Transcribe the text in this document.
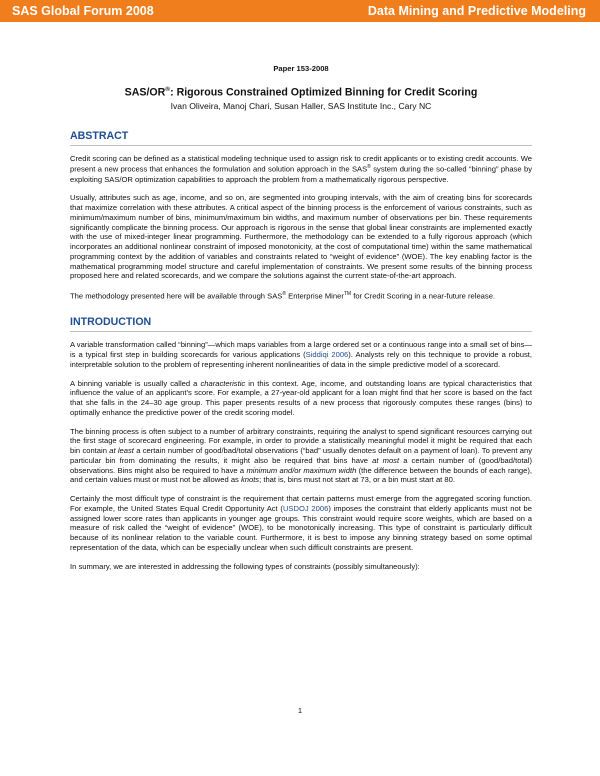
SAS Global Forum 2008	Data Mining and Predictive Modeling
Paper 153-2008
SAS/OR®: Rigorous Constrained Optimized Binning for Credit Scoring
Ivan Oliveira, Manoj Chari, Susan Haller, SAS Institute Inc., Cary NC
ABSTRACT

Credit scoring can be defined as a statistical modeling technique used to assign risk to credit applicants or to existing credit accounts. We present a new process that enhances the formulation and solution approach in the SAS® system during the so-called “binning” phase by exploiting SAS/OR optimization capabilities to approach the problem from a mathematically rigorous perspective.

Usually, attributes such as age, income, and so on, are segmented into grouping intervals, with the aim of creating bins for scorecards that maximize correlation with these attributes. A critical aspect of the binning process is the enforcement of various constraints, such as minimum/maximum number of bins, minimum/maximum bin widths, and maximum number of observations per bin. These requirements significantly complicate the binning process. Our approach is rigorous in the sense that global linear constraints are implemented exactly with the use of mixed-integer linear programming. Furthermore, the methodology can be extended to a fully rigorous approach (which incorporates an additional nonlinear constraint of imposed monotonicity, at the cost of computational time) within the same mathematical programming context by the addition of variables and constraints related to “weight of evidence” (WOE). The key enabling factor is the mathematical programming model structure and careful implementation of constraints. We present some results of the binning process proposed here and related scorecards, and we compare the solutions against the current state-of-the-art approach.

The methodology presented here will be available through SAS® Enterprise Miner™ for Credit Scoring in a near-future release.

INTRODUCTION

A variable transformation called “binning”—which maps variables from a large ordered set or a continuous range into a small set of bins—is a typical first step in building scorecards for various applications (Siddiqi 2006). Analysts rely on this technique to provide a robust, interpretable solution to the problem of representing inherent nonlinearities of data in the simple predictive model of a scorecard.

A binning variable is usually called a characteristic in this context. Age, income, and outstanding loans are typical characteristics that influence the value of an applicant’s score. For example, a 27-year-old applicant for a loan might find that her score is based on the fact that she falls in the 24–30 age group. This paper presents results of a new process that rigorously computes these ranges (bins) to optimally enhance the predictive power of the credit scoring model.

The binning process is often subject to a number of arbitrary constraints, requiring the analyst to spend significant resources carrying out the first stage of scorecard engineering. For example, in order to provide a statistically meaningful model it might be required that each bin contain at least a certain number of good/bad/total observations (“bad” usually denotes default on a payment of loan). To prevent any particular bin from dominating the results, it might also be required that bins have at most a certain number of (good/bad/total) observations. Bins might also be required to have a minimum and/or maximum width (the difference between the bounds of each range), and certain values must or must not be allowed as knots; that is, bins must not start at 73, or a bin must start at 80.

Certainly the most difficult type of constraint is the requirement that certain patterns must emerge from the aggregated scoring function. For example, the United States Equal Credit Opportunity Act (USDOJ 2006) imposes the constraint that elderly applicants must not be assigned lower score rates than applicants in younger age groups. This constraint would require score weights, which are based on a measure of risk called the “weight of evidence” (WOE), to be monotonically increasing. This type of constraint is particularly difficult because of its nonlinear relation to the variable count. Furthermore, it is best to impose any binning strategy based on some optimal representation of the data, which can be especially unclear when such difficult constraints are present.

In summary, we are interested in addressing the following types of constraints (possibly simultaneously):

1
